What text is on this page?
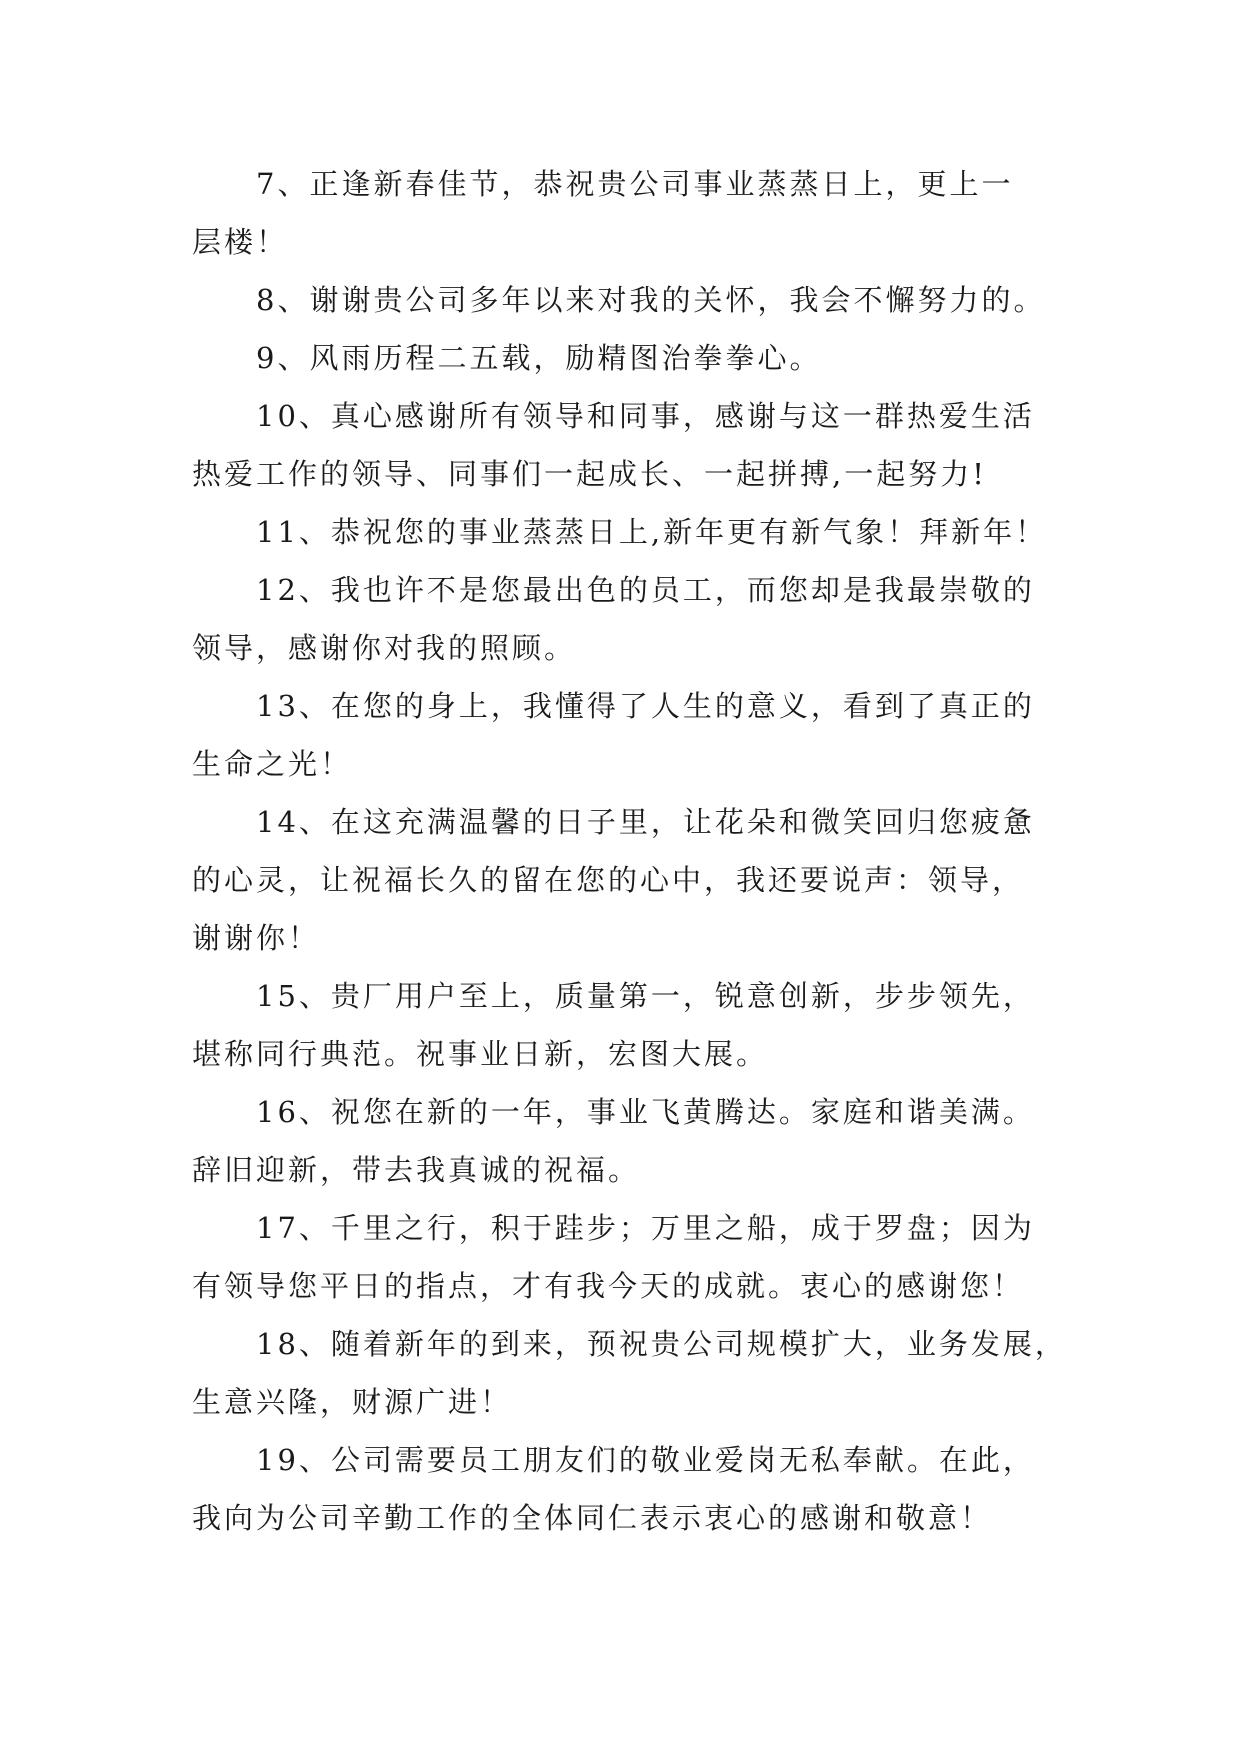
7、正逢新春佳节，恭祝贵公司事业蒸蒸日上，更上一
层楼！

8、谢谢贵公司多年以来对我的关怀，我会不懈努力的。

9、风雨历程二五载，励精图治拳拳心。

10、真心感谢所有领导和同事，感谢与这一群热爱生活
热爱工作的领导、同事们一起成长、一起拼搏,一起努力!

11、恭祝您的事业蒸蒸日上,新年更有新气象！拜新年！

12、我也许不是您最出色的员工，而您却是我最崇敬的
领导，感谢你对我的照顾。

13、在您的身上，我懂得了人生的意义，看到了真正的
生命之光！

14、在这充满温馨的日子里，让花朵和微笑回归您疲惫
的心灵，让祝福长久的留在您的心中，我还要说声：领导，
谢谢你！

15、贵厂用户至上，质量第一，锐意创新，步步领先，
堪称同行典范。祝事业日新，宏图大展。

16、祝您在新的一年，事业飞黄腾达。家庭和谐美满。
辞旧迎新，带去我真诚的祝福。

17、千里之行，积于跬步；万里之船，成于罗盘；因为
有领导您平日的指点，才有我今天的成就。衷心的感谢您！

18、随着新年的到来，预祝贵公司规模扩大，业务发展，
生意兴隆，财源广进！

19、公司需要员工朋友们的敬业爱岗无私奉献。在此，
我向为公司辛勤工作的全体同仁表示衷心的感谢和敬意！
